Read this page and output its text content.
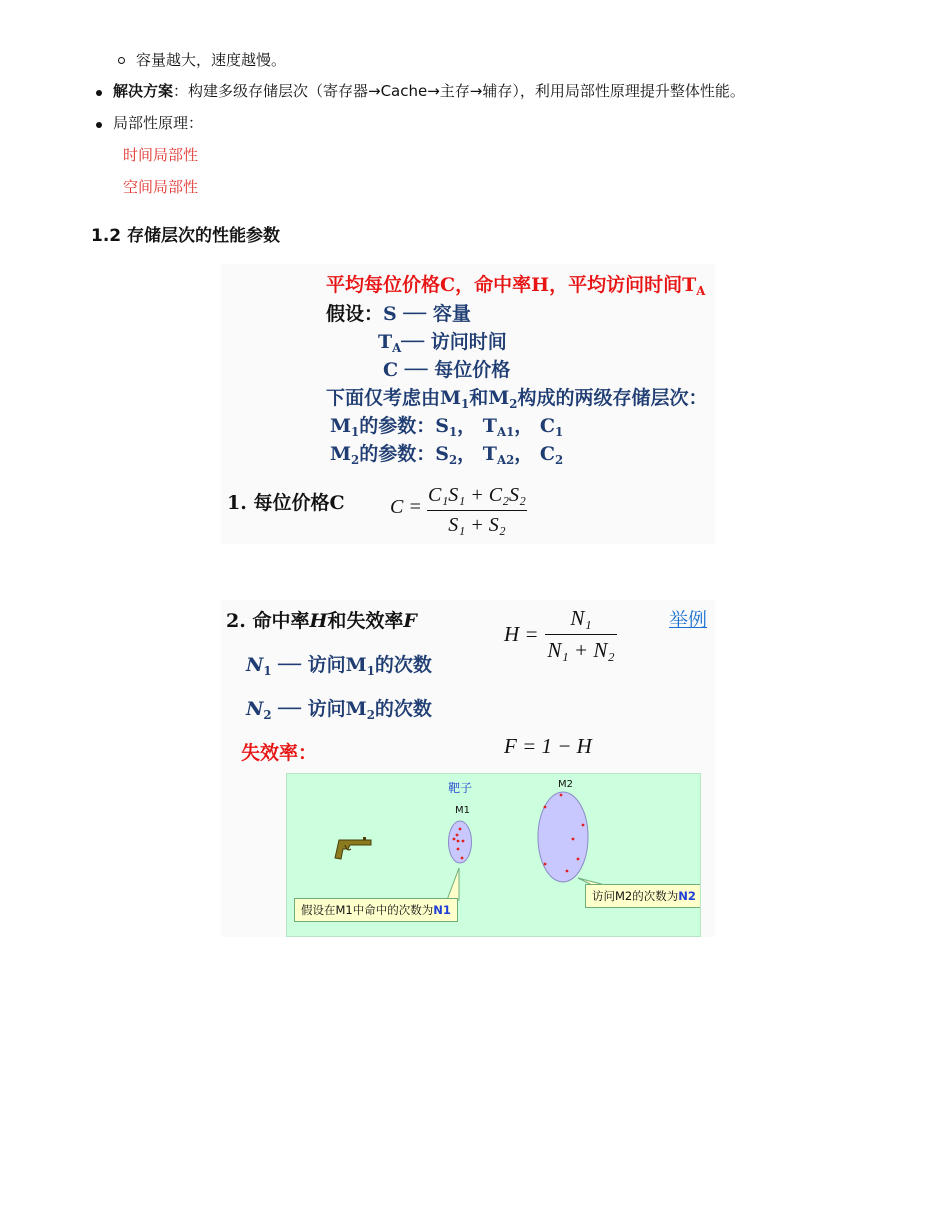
容量越大，速度越慢。
解决方案：构建多级存储层次（寄存器→Cache→主存→辅存），利用局部性原理提升整体性能。
局部性原理：
时间局部性
空间局部性
1.2 存储层次的性能参数
平均每位价格C，命中率H，平均访问时间$T_A$
假设：S ── 容量
$T_A──$ 访问时间
C ── 每位价格
下面仅考虑由$M_1$和$M_2$构成的两级存储层次：
$M_1$的参数：$S_1$， $T_{A1}$， $C_1$
$M_2$的参数：$S_2$， $T_{A2}$， $C_2$
1. 每位价格C C =
C₁S₁ + C₂S₂
S₁ + S₂
2. 命中率H和失效率F
H =
N₁
N₁ + N₂
举例
$N_1$ ── 访问$M_1$的次数
$N_2$ ── 访问$M_2$的次数
失效率：	F = 1 − H
靶子
M1
M2
假设在M1中命中的次数为N1
访问M2的次数为N2
